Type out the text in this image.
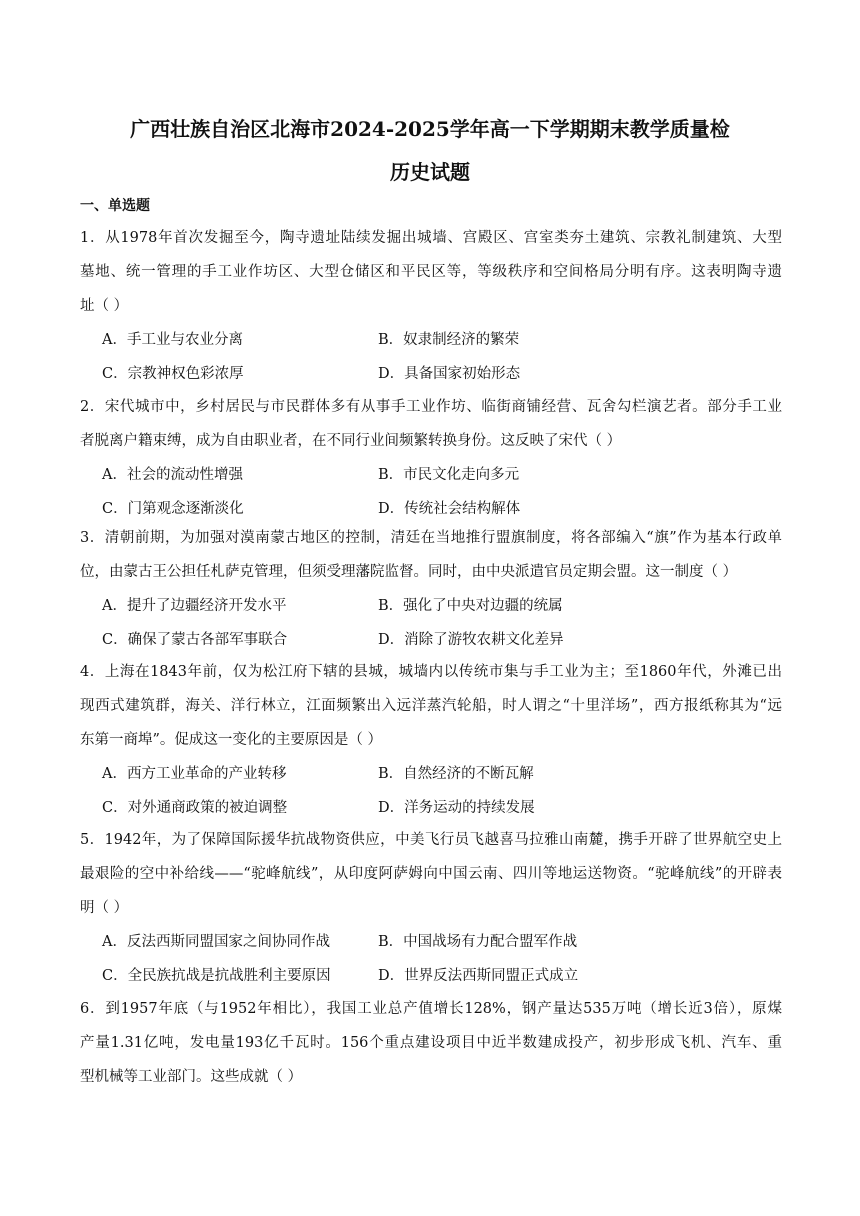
广西壮族自治区北海市2024-2025学年高一下学期期末教学质量检
历史试题
一、单选题
1．从1978年首次发掘至今，陶寺遗址陆续发掘出城墙、宫殿区、宫室类夯土建筑、宗教礼制建筑、大型
墓地、统一管理的手工业作坊区、大型仓储区和平民区等，等级秩序和空间格局分明有序。这表明陶寺遗
址（ ）
A．手工业与农业分离	B．奴隶制经济的繁荣
C．宗教神权色彩浓厚	D．具备国家初始形态
2．宋代城市中，乡村居民与市民群体多有从事手工业作坊、临街商铺经营、瓦舍勾栏演艺者。部分手工业
者脱离户籍束缚，成为自由职业者，在不同行业间频繁转换身份。这反映了宋代（ ）
A．社会的流动性增强	B．市民文化走向多元
C．门第观念逐渐淡化	D．传统社会结构解体
3．清朝前期，为加强对漠南蒙古地区的控制，清廷在当地推行盟旗制度，将各部编入“旗”作为基本行政单
位，由蒙古王公担任札萨克管理，但须受理藩院监督。同时，由中央派遣官员定期会盟。这一制度（ ）
A．提升了边疆经济开发水平	B．强化了中央对边疆的统属
C．确保了蒙古各部军事联合	D．消除了游牧农耕文化差异
4．上海在1843年前，仅为松江府下辖的县城，城墙内以传统市集与手工业为主；至1860年代，外滩已出
现西式建筑群，海关、洋行林立，江面频繁出入远洋蒸汽轮船，时人谓之“十里洋场”，西方报纸称其为“远
东第一商埠”。促成这一变化的主要原因是（ ）
A．西方工业革命的产业转移	B．自然经济的不断瓦解
C．对外通商政策的被迫调整	D．洋务运动的持续发展
5．1942年，为了保障国际援华抗战物资供应，中美飞行员飞越喜马拉雅山南麓，携手开辟了世界航空史上
最艰险的空中补给线——“驼峰航线”，从印度阿萨姆向中国云南、四川等地运送物资。“驼峰航线”的开辟表
明（ ）
A．反法西斯同盟国家之间协同作战	B．中国战场有力配合盟军作战
C．全民族抗战是抗战胜利主要原因	D．世界反法西斯同盟正式成立
6．到1957年底（与1952年相比），我国工业总产值增长128%，钢产量达535万吨（增长近3倍），原煤
产量1.31亿吨，发电量193亿千瓦时。156个重点建设项目中近半数建成投产，初步形成飞机、汽车、重
型机械等工业部门。这些成就（ ）
